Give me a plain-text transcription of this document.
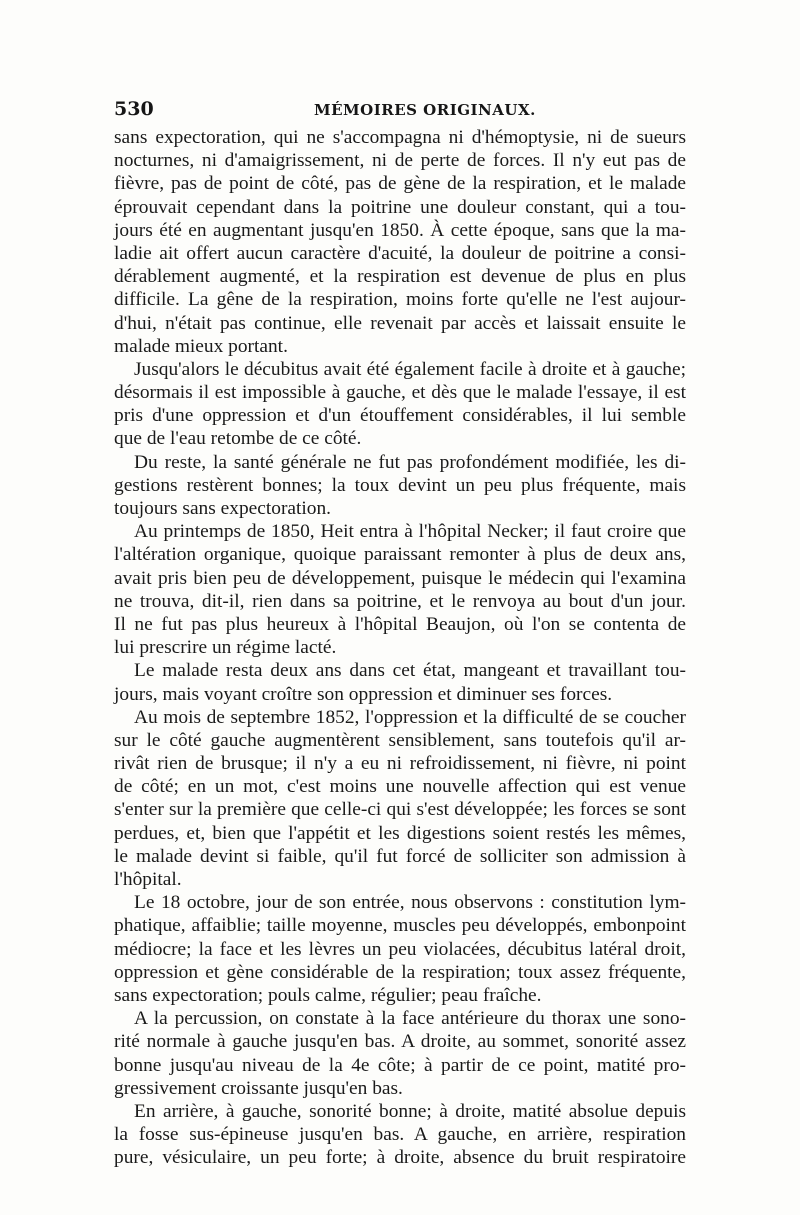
530	MÉMOIRES ORIGINAUX.
sans expectoration, qui ne s'accompagna ni d'hémoptysie, ni de sueurs
nocturnes, ni d'amaigrissement, ni de perte de forces. Il n'y eut pas de
fièvre, pas de point de côté, pas de gène de la respiration, et le malade
éprouvait cependant dans la poitrine une douleur constant, qui a tou-
jours été en augmentant jusqu'en 1850. À cette époque, sans que la ma-
ladie ait offert aucun caractère d'acuité, la douleur de poitrine a consi-
dérablement augmenté, et la respiration est devenue de plus en plus
difficile. La gêne de la respiration, moins forte qu'elle ne l'est aujour-
d'hui, n'était pas continue, elle revenait par accès et laissait ensuite le
malade mieux portant.
Jusqu'alors le décubitus avait été également facile à droite et à gauche;
désormais il est impossible à gauche, et dès que le malade l'essaye, il est
pris d'une oppression et d'un étouffement considérables, il lui semble
que de l'eau retombe de ce côté.
Du reste, la santé générale ne fut pas profondément modifiée, les di-
gestions restèrent bonnes; la toux devint un peu plus fréquente, mais
toujours sans expectoration.
Au printemps de 1850, Heit entra à l'hôpital Necker; il faut croire que
l'altération organique, quoique paraissant remonter à plus de deux ans,
avait pris bien peu de développement, puisque le médecin qui l'examina
ne trouva, dit-il, rien dans sa poitrine, et le renvoya au bout d'un jour.
Il ne fut pas plus heureux à l'hôpital Beaujon, où l'on se contenta de
lui prescrire un régime lacté.
Le malade resta deux ans dans cet état, mangeant et travaillant tou-
jours, mais voyant croître son oppression et diminuer ses forces.
Au mois de septembre 1852, l'oppression et la difficulté de se coucher
sur le côté gauche augmentèrent sensiblement, sans toutefois qu'il ar-
rivât rien de brusque; il n'y a eu ni refroidissement, ni fièvre, ni point
de côté; en un mot, c'est moins une nouvelle affection qui est venue
s'enter sur la première que celle-ci qui s'est développée; les forces se sont
perdues, et, bien que l'appétit et les digestions soient restés les mêmes,
le malade devint si faible, qu'il fut forcé de solliciter son admission à
l'hôpital.
Le 18 octobre, jour de son entrée, nous observons : constitution lym-
phatique, affaiblie; taille moyenne, muscles peu développés, embonpoint
médiocre; la face et les lèvres un peu violacées, décubitus latéral droit,
oppression et gène considérable de la respiration; toux assez fréquente,
sans expectoration; pouls calme, régulier; peau fraîche.
A la percussion, on constate à la face antérieure du thorax une sono-
rité normale à gauche jusqu'en bas. A droite, au sommet, sonorité assez
bonne jusqu'au niveau de la 4e côte; à partir de ce point, matité pro-
gressivement croissante jusqu'en bas.
En arrière, à gauche, sonorité bonne; à droite, matité absolue depuis
la fosse sus-épineuse jusqu'en bas. A gauche, en arrière, respiration
pure, vésiculaire, un peu forte; à droite, absence du bruit respiratoire
